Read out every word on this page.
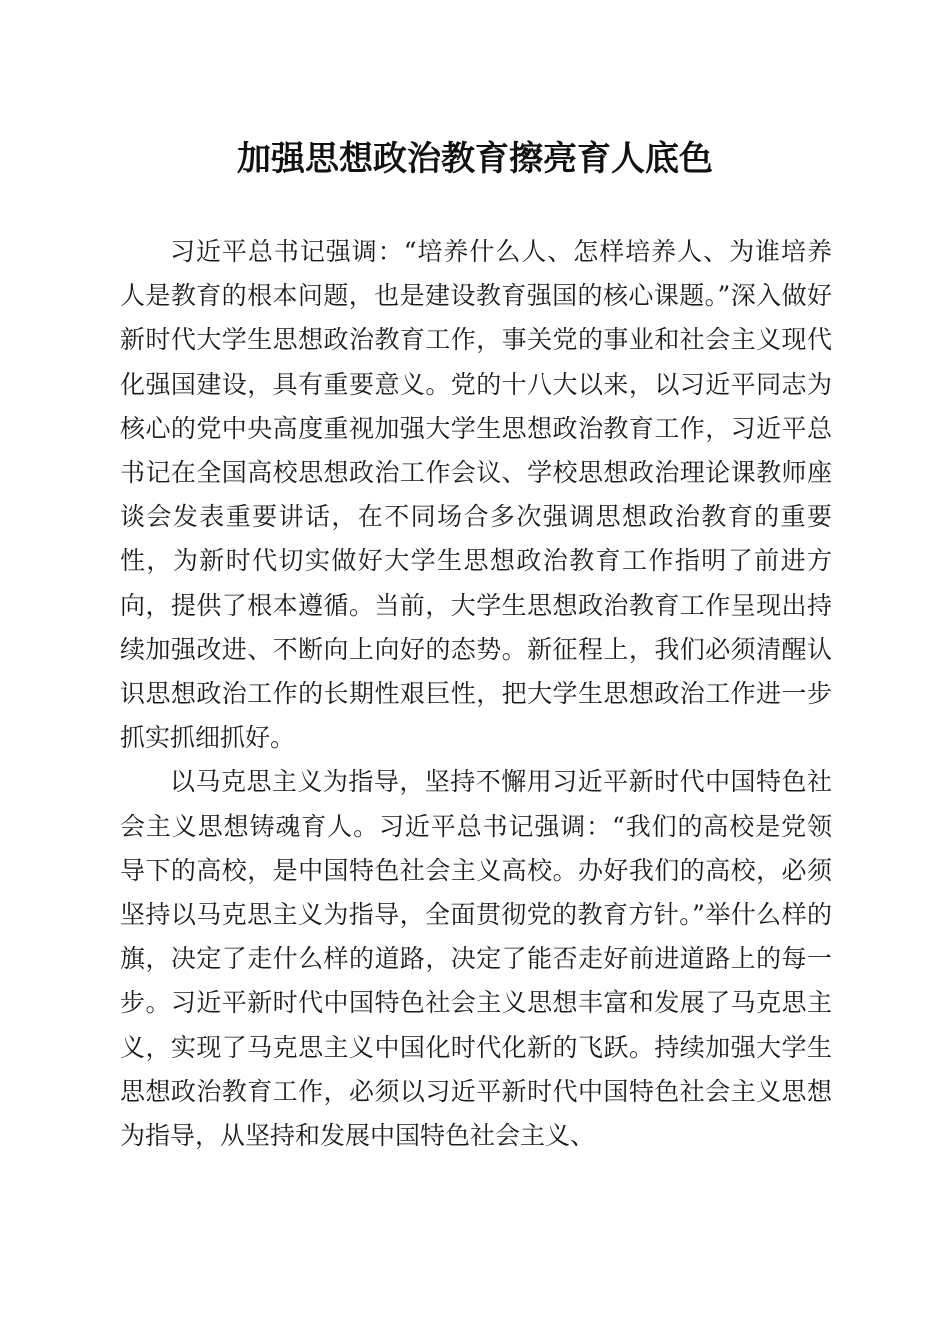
加强思想政治教育擦亮育人底色

习近平总书记强调：“培养什么人、怎样培养人、为谁培养人是教育的根本问题，也是建设教育强国的核心课题。”深入做好新时代大学生思想政治教育工作，事关党的事业和社会主义现代化强国建设，具有重要意义。党的十八大以来，以习近平同志为核心的党中央高度重视加强大学生思想政治教育工作，习近平总书记在全国高校思想政治工作会议、学校思想政治理论课教师座谈会发表重要讲话，在不同场合多次强调思想政治教育的重要性，为新时代切实做好大学生思想政治教育工作指明了前进方向，提供了根本遵循。当前，大学生思想政治教育工作呈现出持续加强改进、不断向上向好的态势。新征程上，我们必须清醒认识思想政治工作的长期性艰巨性，把大学生思想政治工作进一步抓实抓细抓好。

以马克思主义为指导，坚持不懈用习近平新时代中国特色社会主义思想铸魂育人。习近平总书记强调：“我们的高校是党领导下的高校，是中国特色社会主义高校。办好我们的高校，必须坚持以马克思主义为指导，全面贯彻党的教育方针。”举什么样的旗，决定了走什么样的道路，决定了能否走好前进道路上的每一步。习近平新时代中国特色社会主义思想丰富和发展了马克思主义，实现了马克思主义中国化时代化新的飞跃。持续加强大学生思想政治教育工作，必须以习近平新时代中国特色社会主义思想为指导，从坚持和发展中国特色社会主义、
